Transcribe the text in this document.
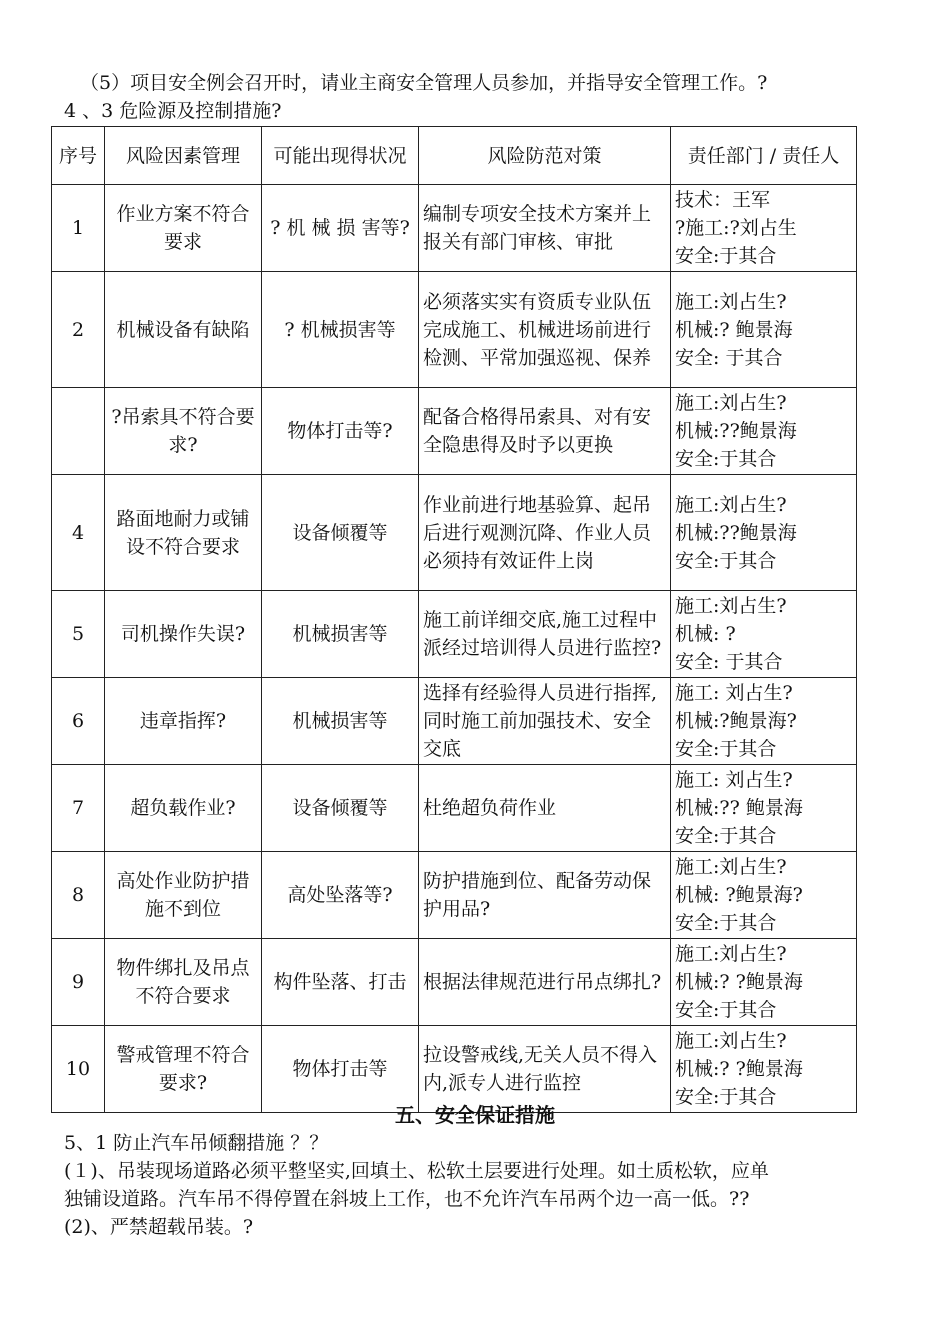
（5）项目安全例会召开时，请业主商安全管理人员参加，并指导安全管理工作。?
4 、3 危险源及控制措施?
序号	风险因素管理	可能出现得状况	风险防范对策	责任部门 / 责任人
1	作业方案不符合要求	? 机 械 损 害等?	编制专项安全技术方案并上报关有部门审核、审批	技术：王军
?施工:?刘占生
安全:于其合

2	机械设备有缺陷	? 机械损害等	必须落实实有资质专业队伍完成施工、机械进场前进行检测、平常加强巡视、保养	施工:刘占生?
机械:? 鲍景海
安全: 于其合

	?吊索具不符合要求?	物体打击等?	配备合格得吊索具、对有安全隐患得及时予以更换	施工:刘占生?
机械:??鲍景海
安全:于其合

4	路面地耐力或铺设不符合要求	设备倾覆等	作业前进行地基验算、起吊后进行观测沉降、作业人员必须持有效证件上岗	施工:刘占生?
机械:??鲍景海
安全:于其合

5	司机操作失误?	机械损害等	施工前详细交底,施工过程中派经过培训得人员进行监控?	施工:刘占生?
机械: ?
安全: 于其合

6	违章指挥?	机械损害等	选择有经验得人员进行指挥,同时施工前加强技术、安全交底	施工: 刘占生?
机械:?鲍景海?
安全:于其合

7	超负载作业?	设备倾覆等	杜绝超负荷作业	施工: 刘占生?
机械:?? 鲍景海
安全:于其合

8	高处作业防护措施不到位	高处坠落等?	防护措施到位、配备劳动保护用品?	施工:刘占生?
机械: ?鲍景海?
安全:于其合

9	物件绑扎及吊点不符合要求	构件坠落、打击	根据法律规范进行吊点绑扎?	施工:刘占生?
机械:? ?鲍景海
安全:于其合

10	警戒管理不符合要求?	物体打击等	拉设警戒线,无关人员不得入内,派专人进行监控	施工:刘占生?
机械:? ?鲍景海
安全:于其合
五、安全保证措施
5、1 防止汽车吊倾翻措施 ？？
(１)、吊装现场道路必须平整坚实,回填土、松软土层要进行处理。如土质松软，应单
独铺设道路。汽车吊不得停置在斜坡上工作，也不允许汽车吊两个边一高一低。??
(2)、严禁超载吊装。?
